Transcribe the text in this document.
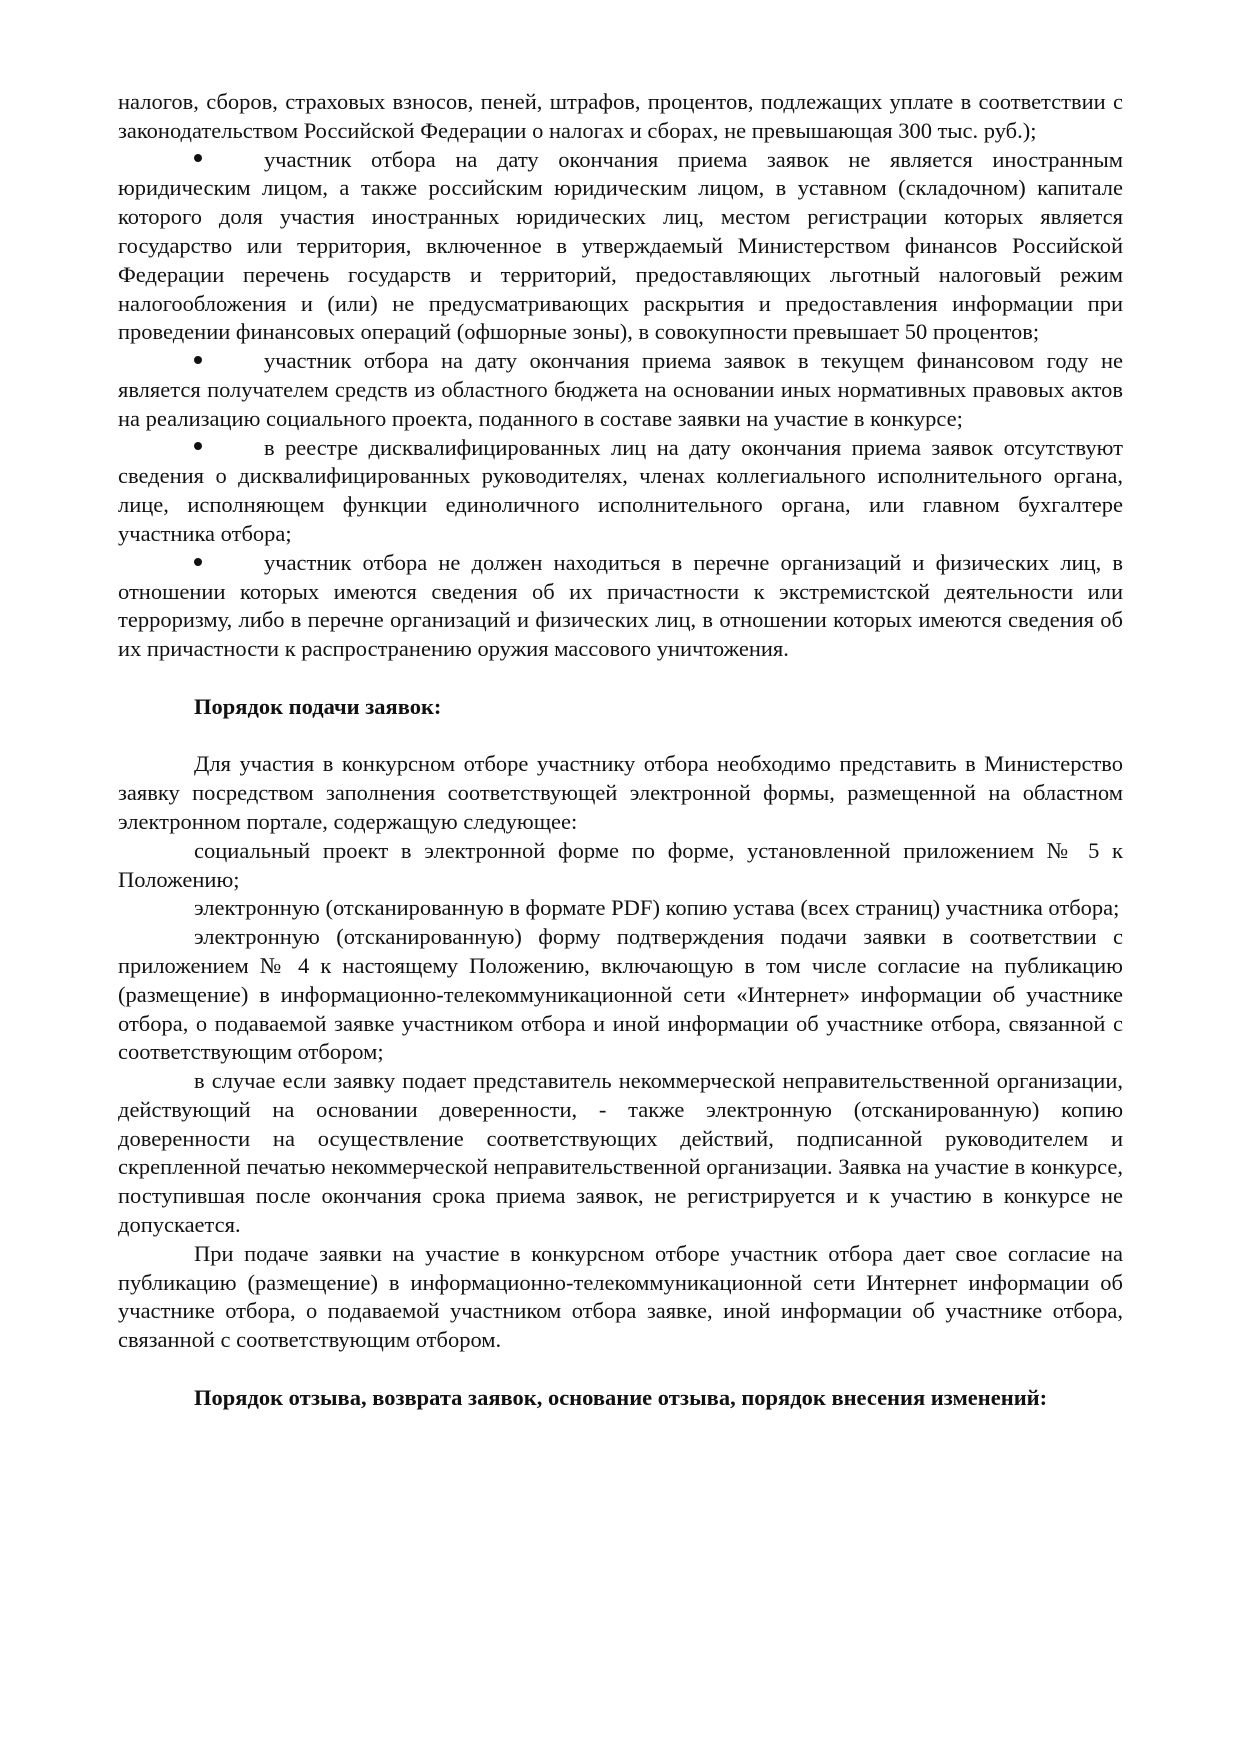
налогов, сборов, страховых взносов, пеней, штрафов, процентов, подлежащих уплате в соответствии с законодательством Российской Федерации о налогах и сборах, не превышающая 300 тыс. руб.);

участник отбора на дату окончания приема заявок не является иностранным юридическим лицом, а также российским юридическим лицом, в уставном (складочном) капитале которого доля участия иностранных юридических лиц, местом регистрации которых является государство или территория, включенное в утверждаемый Министерством финансов Российской Федерации перечень государств и территорий, предоставляющих льготный налоговый режим налогообложения и (или) не предусматривающих раскрытия и предоставления информации при проведении финансовых операций (офшорные зоны), в совокупности превышает 50 процентов;

участник отбора на дату окончания приема заявок в текущем финансовом году не является получателем средств из областного бюджета на основании иных нормативных правовых актов на реализацию социального проекта, поданного в составе заявки на участие в конкурсе;

в реестре дисквалифицированных лиц на дату окончания приема заявок отсутствуют сведения о дисквалифицированных руководителях, членах коллегиального исполнительного органа, лице, исполняющем функции единоличного исполнительного органа, или главном бухгалтере участника отбора;

участник отбора не должен находиться в перечне организаций и физических лиц, в отношении которых имеются сведения об их причастности к экстремистской деятельности или терроризму, либо в перечне организаций и физических лиц, в отношении которых имеются сведения об их причастности к распространению оружия массового уничтожения.

Порядок подачи заявок:

Для участия в конкурсном отборе участнику отбора необходимо представить в Министерство заявку посредством заполнения соответствующей электронной формы, размещенной на областном электронном портале, содержащую следующее:

социальный проект в электронной форме по форме, установленной приложением № 5 к Положению;

электронную (отсканированную в формате PDF) копию устава (всех страниц) участника отбора;

электронную (отсканированную) форму подтверждения подачи заявки в соответствии с приложением № 4 к настоящему Положению, включающую в том числе согласие на публикацию (размещение) в информационно-телекоммуникационной сети «Интернет» информации об участнике отбора, о подаваемой заявке участником отбора и иной информации об участнике отбора, связанной с соответствующим отбором;

в случае если заявку подает представитель некоммерческой неправительственной организации, действующий на основании доверенности, - также электронную (отсканированную) копию доверенности на осуществление соответствующих действий, подписанной руководителем и скрепленной печатью некоммерческой неправительственной организации. Заявка на участие в конкурсе, поступившая после окончания срока приема заявок, не регистрируется и к участию в конкурсе не допускается.

При подаче заявки на участие в конкурсном отборе участник отбора дает свое согласие на публикацию (размещение) в информационно-телекоммуникационной сети Интернет информации об участнике отбора, о подаваемой участником отбора заявке, иной информации об участнике отбора, связанной с соответствующим отбором.

Порядок отзыва, возврата заявок, основание отзыва, порядок внесения изменений:
